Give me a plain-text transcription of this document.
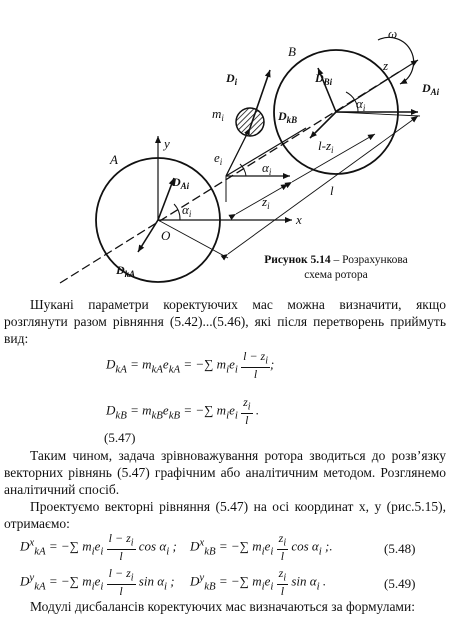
B
A
O
y
x
z
l
ω
$D_i$	$D_{Bi}$
$D_{kB}$
$D_{Ai}$
$D_{Ai}$
$D_{kA}$
$m_i$
$e_i$	$\alpha_i$
$\alpha_i$
$\alpha_i$
$z_i$
$l-z_i$
Рисунок 5.14 – Розрахункова
схема ротора
Шукані параметри коректуючих мас можна визначити, якщо розглянути разом рівняння (5.42)...(5.46), які після перетворень приймуть вид:
$D_{kA} = m_{kA}e_{kA}$ = −∑ $m_ie_i \frac{l - z_i}{l}$ ;
$D_{kB} = m_{kB}e_{kB}$ = −∑ $m_ie_i \frac{z_i}{l}$ .
(5.47)
Таким чином, задача зрівноважування ротора зводиться до розв’язку векторних рівнянь (5.47) графічним або аналітичним методом. Розглянемо аналітичний спосіб.
Проектуємо векторні рівняння (5.47) на осі координат x, y (рис.5.15), отримаємо:
$D^x_{kA}$ = −∑ $m_ie_i \frac{l - z_i}{l}$ $\cos \alpha_i$ ; $D^x_{kB}$ = −∑ $m_ie_i \frac{z_i}{l}$ $\cos \alpha_i$ ;.	(5.48)
$D^y_{kA}$ = −∑ $m_ie_i \frac{l - z_i}{l}$ $\sin \alpha_i$ ; $D^y_{kB}$ = −∑ $m_ie_i \frac{z_i}{l}$ $\sin \alpha_i$ .	(5.49)
Модулі дисбалансів коректуючих мас визначаються за формулами:
